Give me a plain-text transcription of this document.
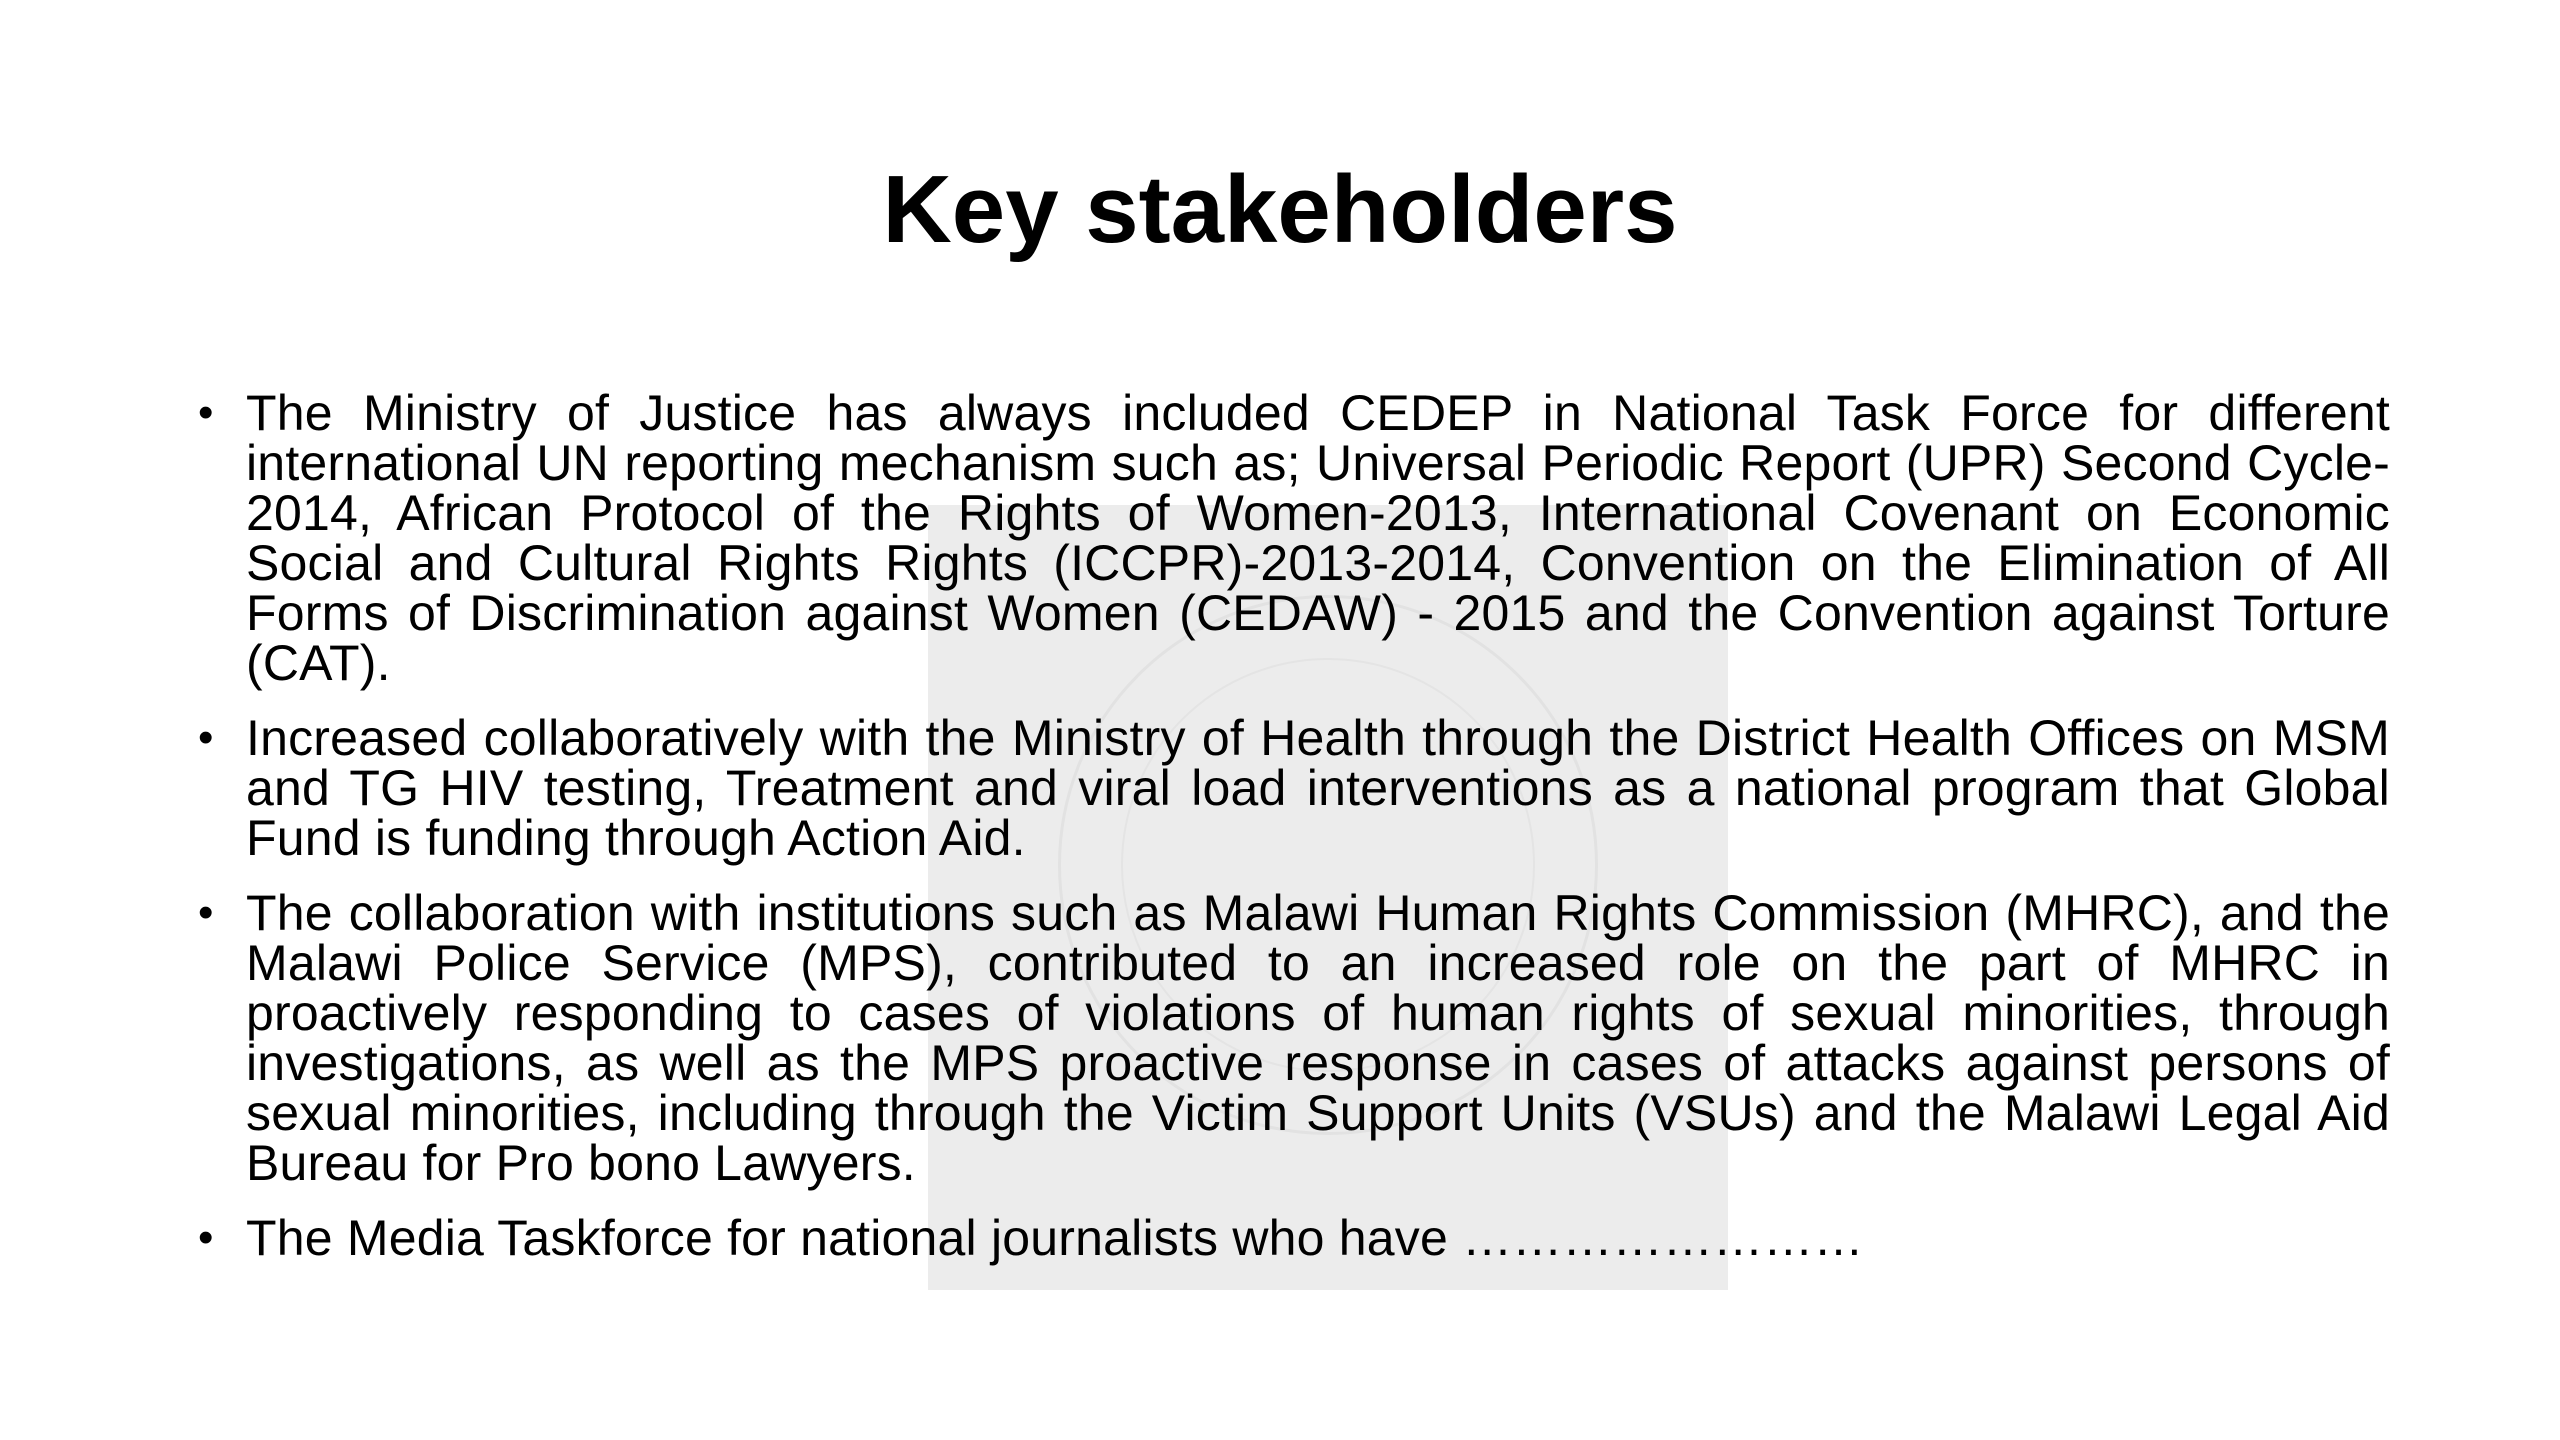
Key stakeholders
• The Ministry of Justice has always included CEDEP in National Task Force for different international UN reporting mechanism such as; Universal Periodic Report (UPR) Second Cycle-2014, African Protocol of the Rights of Women-2013, International Covenant on Economic Social and Cultural Rights Rights (ICCPR)-2013-2014, Convention on the Elimination of All Forms of Discrimination against Women (CEDAW) - 2015 and the Convention against Torture (CAT).
• Increased collaboratively with the Ministry of Health through the District Health Offices on MSM and TG HIV testing, Treatment and viral load interventions as a national program that Global Fund is funding through Action Aid.
• The collaboration with institutions such as Malawi Human Rights Commission (MHRC), and the Malawi Police Service (MPS), contributed to an increased role on the part of MHRC in proactively responding to cases of violations of human rights of sexual minorities, through investigations, as well as the MPS proactive response in cases of attacks against persons of sexual minorities, including through the Victim Support Units (VSUs) and the Malawi Legal Aid Bureau for Pro bono Lawyers.
• The Media Taskforce for national journalists who have ……………………
